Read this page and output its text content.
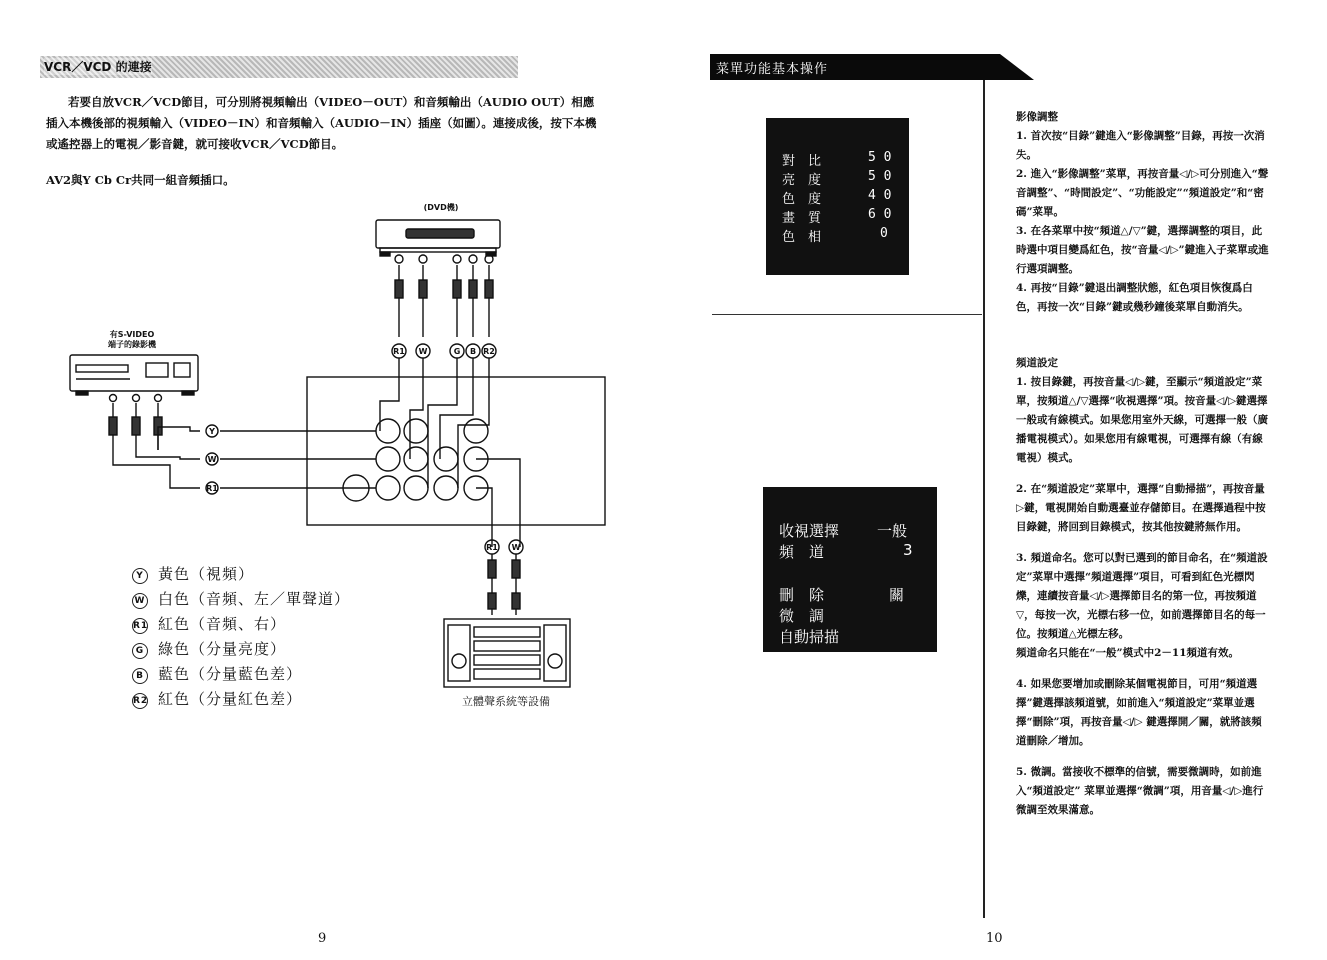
VCR／VCD 的連接
若要自放VCR／VCD節目，可分別將視頻輸出（VIDEO－OUT）和音頻輸出（AUDIO OUT）相應插入本機後部的視頻輸入（VIDEO－IN）和音頻輸入（AUDIO－IN）插座（如圖）。連接成後，按下本機或遙控器上的電視／影音鍵，就可接收VCR／VCD節目。
AV2與Y Cb Cr共同一組音頻插口。
R1 W	G B R2
Y
W
R1
R1 W
(DVD機)
有S-VIDEO
端子的錄影機
立體聲系統等設備
Y 黃色（視頻）
W 白色（音頻、左／單聲道）
R1 紅色（音頻、右）
G 綠色（分量亮度）
B 藍色（分量藍色差）
R2 紅色（分量紅色差）
9
菜單功能基本操作
對　比	5 0
亮　度	5 0
色　度	4 0
畫　質	6 0
色　相	0
收視選擇	一般
頻　道	3
刪　除	關
微　調
自動掃描
影像調整
1. 首次按“目錄”鍵進入“影像調整”目錄，再按一次消失。
2. 進入“影像調整”菜單，再按音量◁/▷可分別進入“聲音調整”、“時間設定”、“功能設定”“頻道設定”和“密碼”菜單。
3. 在各菜單中按“頻道△/▽”鍵，選擇調整的項目，此時選中項目變爲紅色，按“音量◁/▷”鍵進入子菜單或進行選項調整。
4. 再按“目錄”鍵退出調整狀態，紅色項目恢復爲白色，再按一次“目錄”鍵或幾秒鐘後菜單自動消失。
頻道設定
1. 按目錄鍵，再按音量◁/▷鍵，至顯示“頻道設定”菜單，按頻道△/▽選擇“收視選擇”項。按音量◁/▷鍵選擇一般或有線模式。如果您用室外天線，可選擇一般（廣播電視模式）。如果您用有線電視，可選擇有線（有線電視）模式。
2. 在“頻道設定”菜單中，選擇“自動掃描”，再按音量▷鍵，電視開始自動選臺並存儲節目。在選擇過程中按目錄鍵，將回到目錄模式，按其他按鍵將無作用。
3. 頻道命名。您可以對已選到的節目命名，在“頻道設定”菜單中選擇“頻道選擇”項目，可看到紅色光標閃爍，連續按音量◁/▷選擇節目名的第一位，再按頻道▽，每按一次，光標右移一位，如前選擇節目名的每一位。按頻道△光標左移。
頻道命名只能在“一般”模式中2－11頻道有效。
4. 如果您要增加或刪除某個電視節目，可用“頻道選擇”鍵選擇該頻道號，如前進入“頻道設定”菜單並選擇“刪除”項，再按音量◁/▷ 鍵選擇開／關，就將該頻道刪除／增加。
5. 微調。當接收不標準的信號，需要微調時，如前進入“頻道設定” 菜單並選擇“微調”項，用音量◁/▷進行微調至效果滿意。
10
